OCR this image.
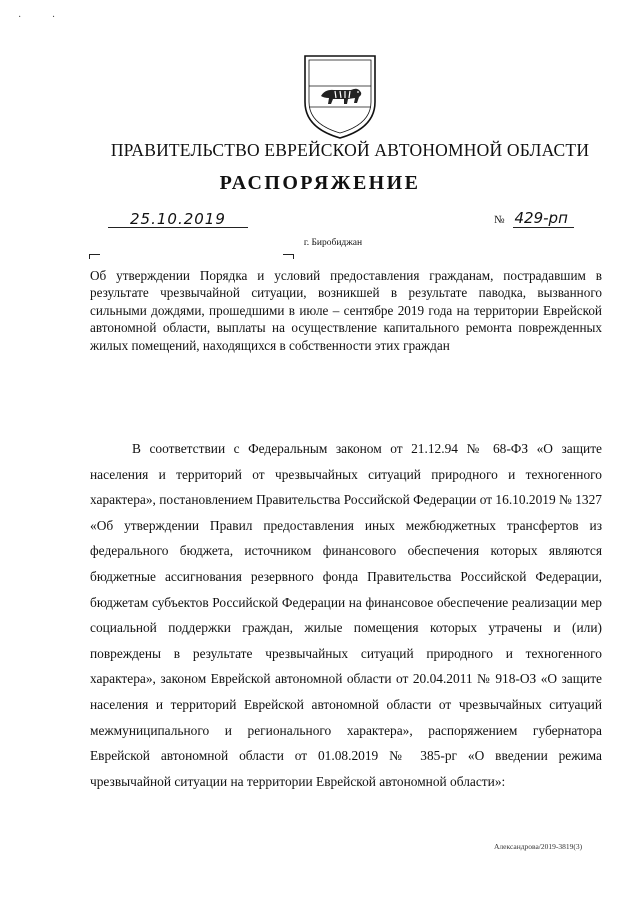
· ·
ПРАВИТЕЛЬСТВО ЕВРЕЙСКОЙ АВТОНОМНОЙ ОБЛАСТИ
РАСПОРЯЖЕНИЕ
25.10.2019	№ 429-рп
г. Биробиджан
Об утверждении Порядка и условий предоставления гражданам, пострадавшим в результате чрезвычайной ситуации, возникшей в результате паводка, вызванного сильными дождями, прошедшими в июле – сентябре 2019 года на территории Еврейской автономной области, выплаты на осуществление капитального ремонта поврежденных жилых помещений, находящихся в собственности этих граждан
В соответствии с Федеральным законом от 21.12.94 № 68-ФЗ «О защите населения и территорий от чрезвычайных ситуаций природного и техногенного характера», постановлением Правительства Российской Федерации от 16.10.2019 № 1327 «Об утверждении Правил предоставления иных межбюджетных трансфертов из федерального бюджета, источником финансового обеспечения которых являются бюджетные ассигнования резервного фонда Правительства Российской Федерации, бюджетам субъектов Российской Федерации на финансовое обеспечение реализации мер социальной поддержки граждан, жилые помещения которых утрачены и (или) повреждены в результате чрезвычайных ситуаций природного и техногенного характера», законом Еврейской автономной области от 20.04.2011 № 918-ОЗ «О защите населения и территорий Еврейской автономной области от чрезвычайных ситуаций межмуниципального и регионального характера», распоряжением губернатора Еврейской автономной области от 01.08.2019 № 385-рг «О введении режима чрезвычайной ситуации на территории Еврейской автономной области»:
Александрова/2019-3819(3)
